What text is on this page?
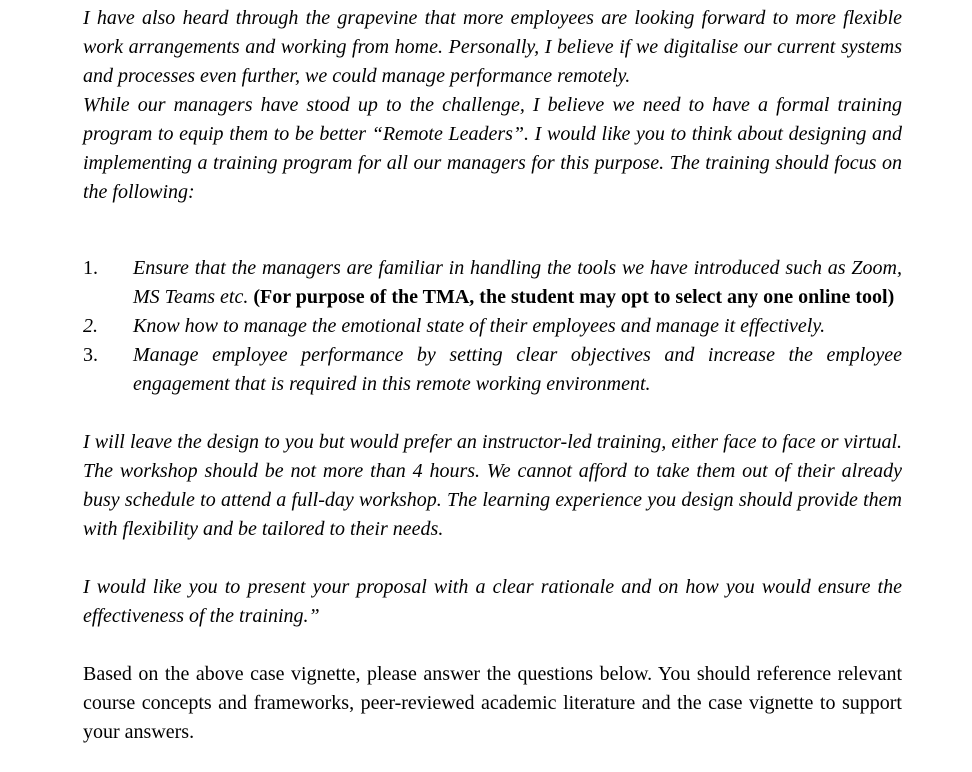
I have also heard through the grapevine that more employees are looking forward to more flexible work arrangements and working from home. Personally, I believe if we digitalise our current systems and processes even further, we could manage performance remotely.

While our managers have stood up to the challenge, I believe we need to have a formal training program to equip them to be better “Remote Leaders”. I would like you to think about designing and implementing a training program for all our managers for this purpose. The training should focus on the following:

1. Ensure that the managers are familiar in handling the tools we have introduced such as Zoom, MS Teams etc. (For purpose of the TMA, the student may opt to select any one online tool)
2. Know how to manage the emotional state of their employees and manage it effectively.
3. Manage employee performance by setting clear objectives and increase the employee engagement that is required in this remote working environment.

I will leave the design to you but would prefer an instructor-led training, either face to face or virtual. The workshop should be not more than 4 hours. We cannot afford to take them out of their already busy schedule to attend a full-day workshop. The learning experience you design should provide them with flexibility and be tailored to their needs.

I would like you to present your proposal with a clear rationale and on how you would ensure the effectiveness of the training.”

Based on the above case vignette, please answer the questions below. You should reference relevant course concepts and frameworks, peer-reviewed academic literature and the case vignette to support your answers.
